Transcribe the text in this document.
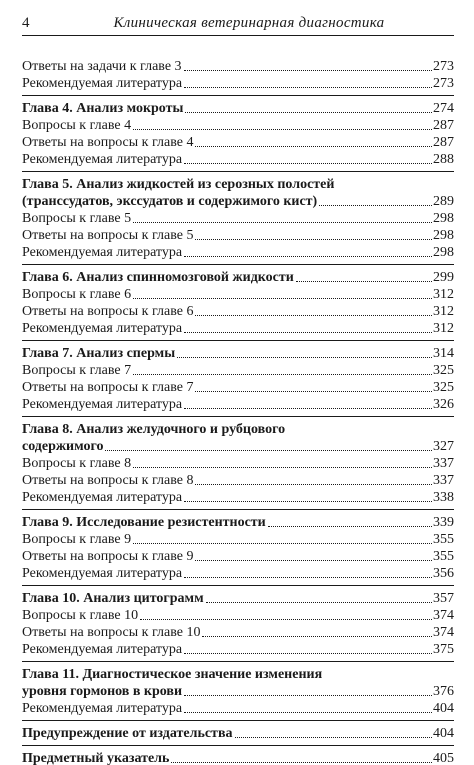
4	Клиническая ветеринарная диагностика
Ответы на задачи к главе 3	273
Рекомендуемая литература	273
Глава 4. Анализ мокроты	274
Вопросы к главе 4	287
Ответы на вопросы к главе 4	287
Рекомендуемая литература	288
Глава 5. Анализ жидкостей из серозных полостей
(транссудатов, экссудатов и содержимого кист)	289
Вопросы к главе 5	298
Ответы на вопросы к главе 5	298
Рекомендуемая литература	298
Глава 6. Анализ спинномозговой жидкости	299
Вопросы к главе 6	312
Ответы на вопросы к главе 6	312
Рекомендуемая литература	312
Глава 7. Анализ спермы	314
Вопросы к главе 7	325
Ответы на вопросы к главе 7	325
Рекомендуемая литература	326
Глава 8. Анализ желудочного и рубцового
содержимого	327
Вопросы к главе 8	337
Ответы на вопросы к главе 8	337
Рекомендуемая литература	338
Глава 9. Исследование резистентности	339
Вопросы к главе 9	355
Ответы на вопросы к главе 9	355
Рекомендуемая литература	356
Глава 10. Анализ цитограмм	357
Вопросы к главе 10	374
Ответы на вопросы к главе 10	374
Рекомендуемая литература	375
Глава 11. Диагностическое значение изменения
уровня гормонов в крови	376
Рекомендуемая литература	404
Предупреждение от издательства	404
Предметный указатель	405
